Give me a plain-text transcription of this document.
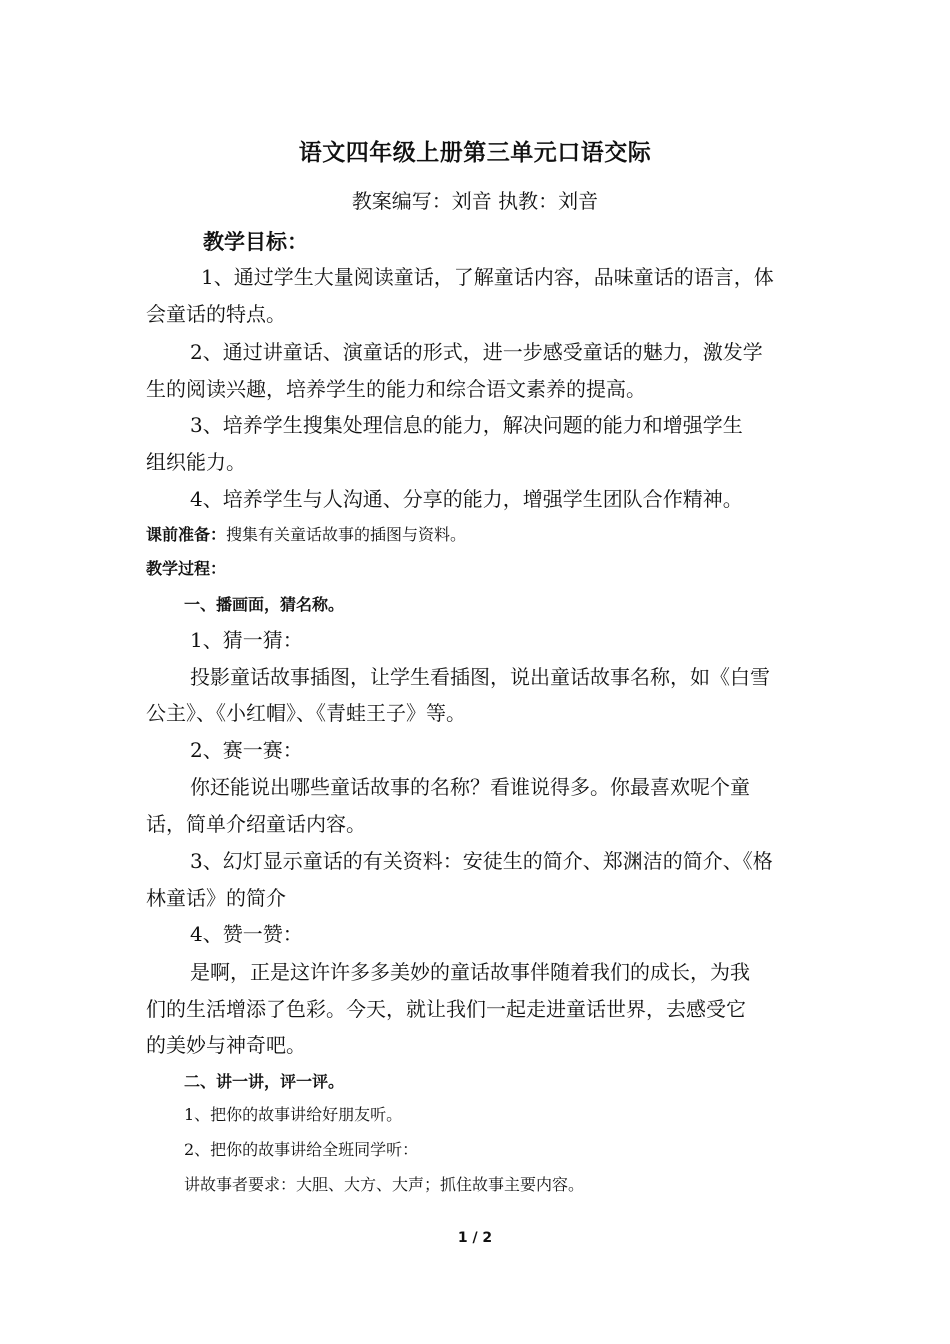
语文四年级上册第三单元口语交际
教案编写：刘音 执教：刘音
教学目标：
1、通过学生大量阅读童话，了解童话内容，品味童话的语言，体
会童话的特点。
2、通过讲童话、演童话的形式，进一步感受童话的魅力，激发学
生的阅读兴趣，培养学生的能力和综合语文素养的提高。
3、培养学生搜集处理信息的能力，解决问题的能力和增强学生
组织能力。
4、培养学生与人沟通、分享的能力，增强学生团队合作精神。
课前准备：搜集有关童话故事的插图与资料。
教学过程：
一、播画面，猜名称。
1、猜一猜：
投影童话故事插图，让学生看插图，说出童话故事名称，如《白雪
公主》、《小红帽》、《青蛙王子》等。
2、赛一赛：
你还能说出哪些童话故事的名称？看谁说得多。你最喜欢呢个童
话，简单介绍童话内容。
3、幻灯显示童话的有关资料：安徒生的简介、郑渊洁的简介、《格
林童话》的简介
4、赞一赞：
是啊，正是这许许多多美妙的童话故事伴随着我们的成长，为我
们的生活增添了色彩。今天，就让我们一起走进童话世界，去感受它
的美妙与神奇吧。
二、讲一讲，评一评。
1、把你的故事讲给好朋友听。
2、把你的故事讲给全班同学听：
讲故事者要求：大胆、大方、大声；抓住故事主要内容。
1 / 2
